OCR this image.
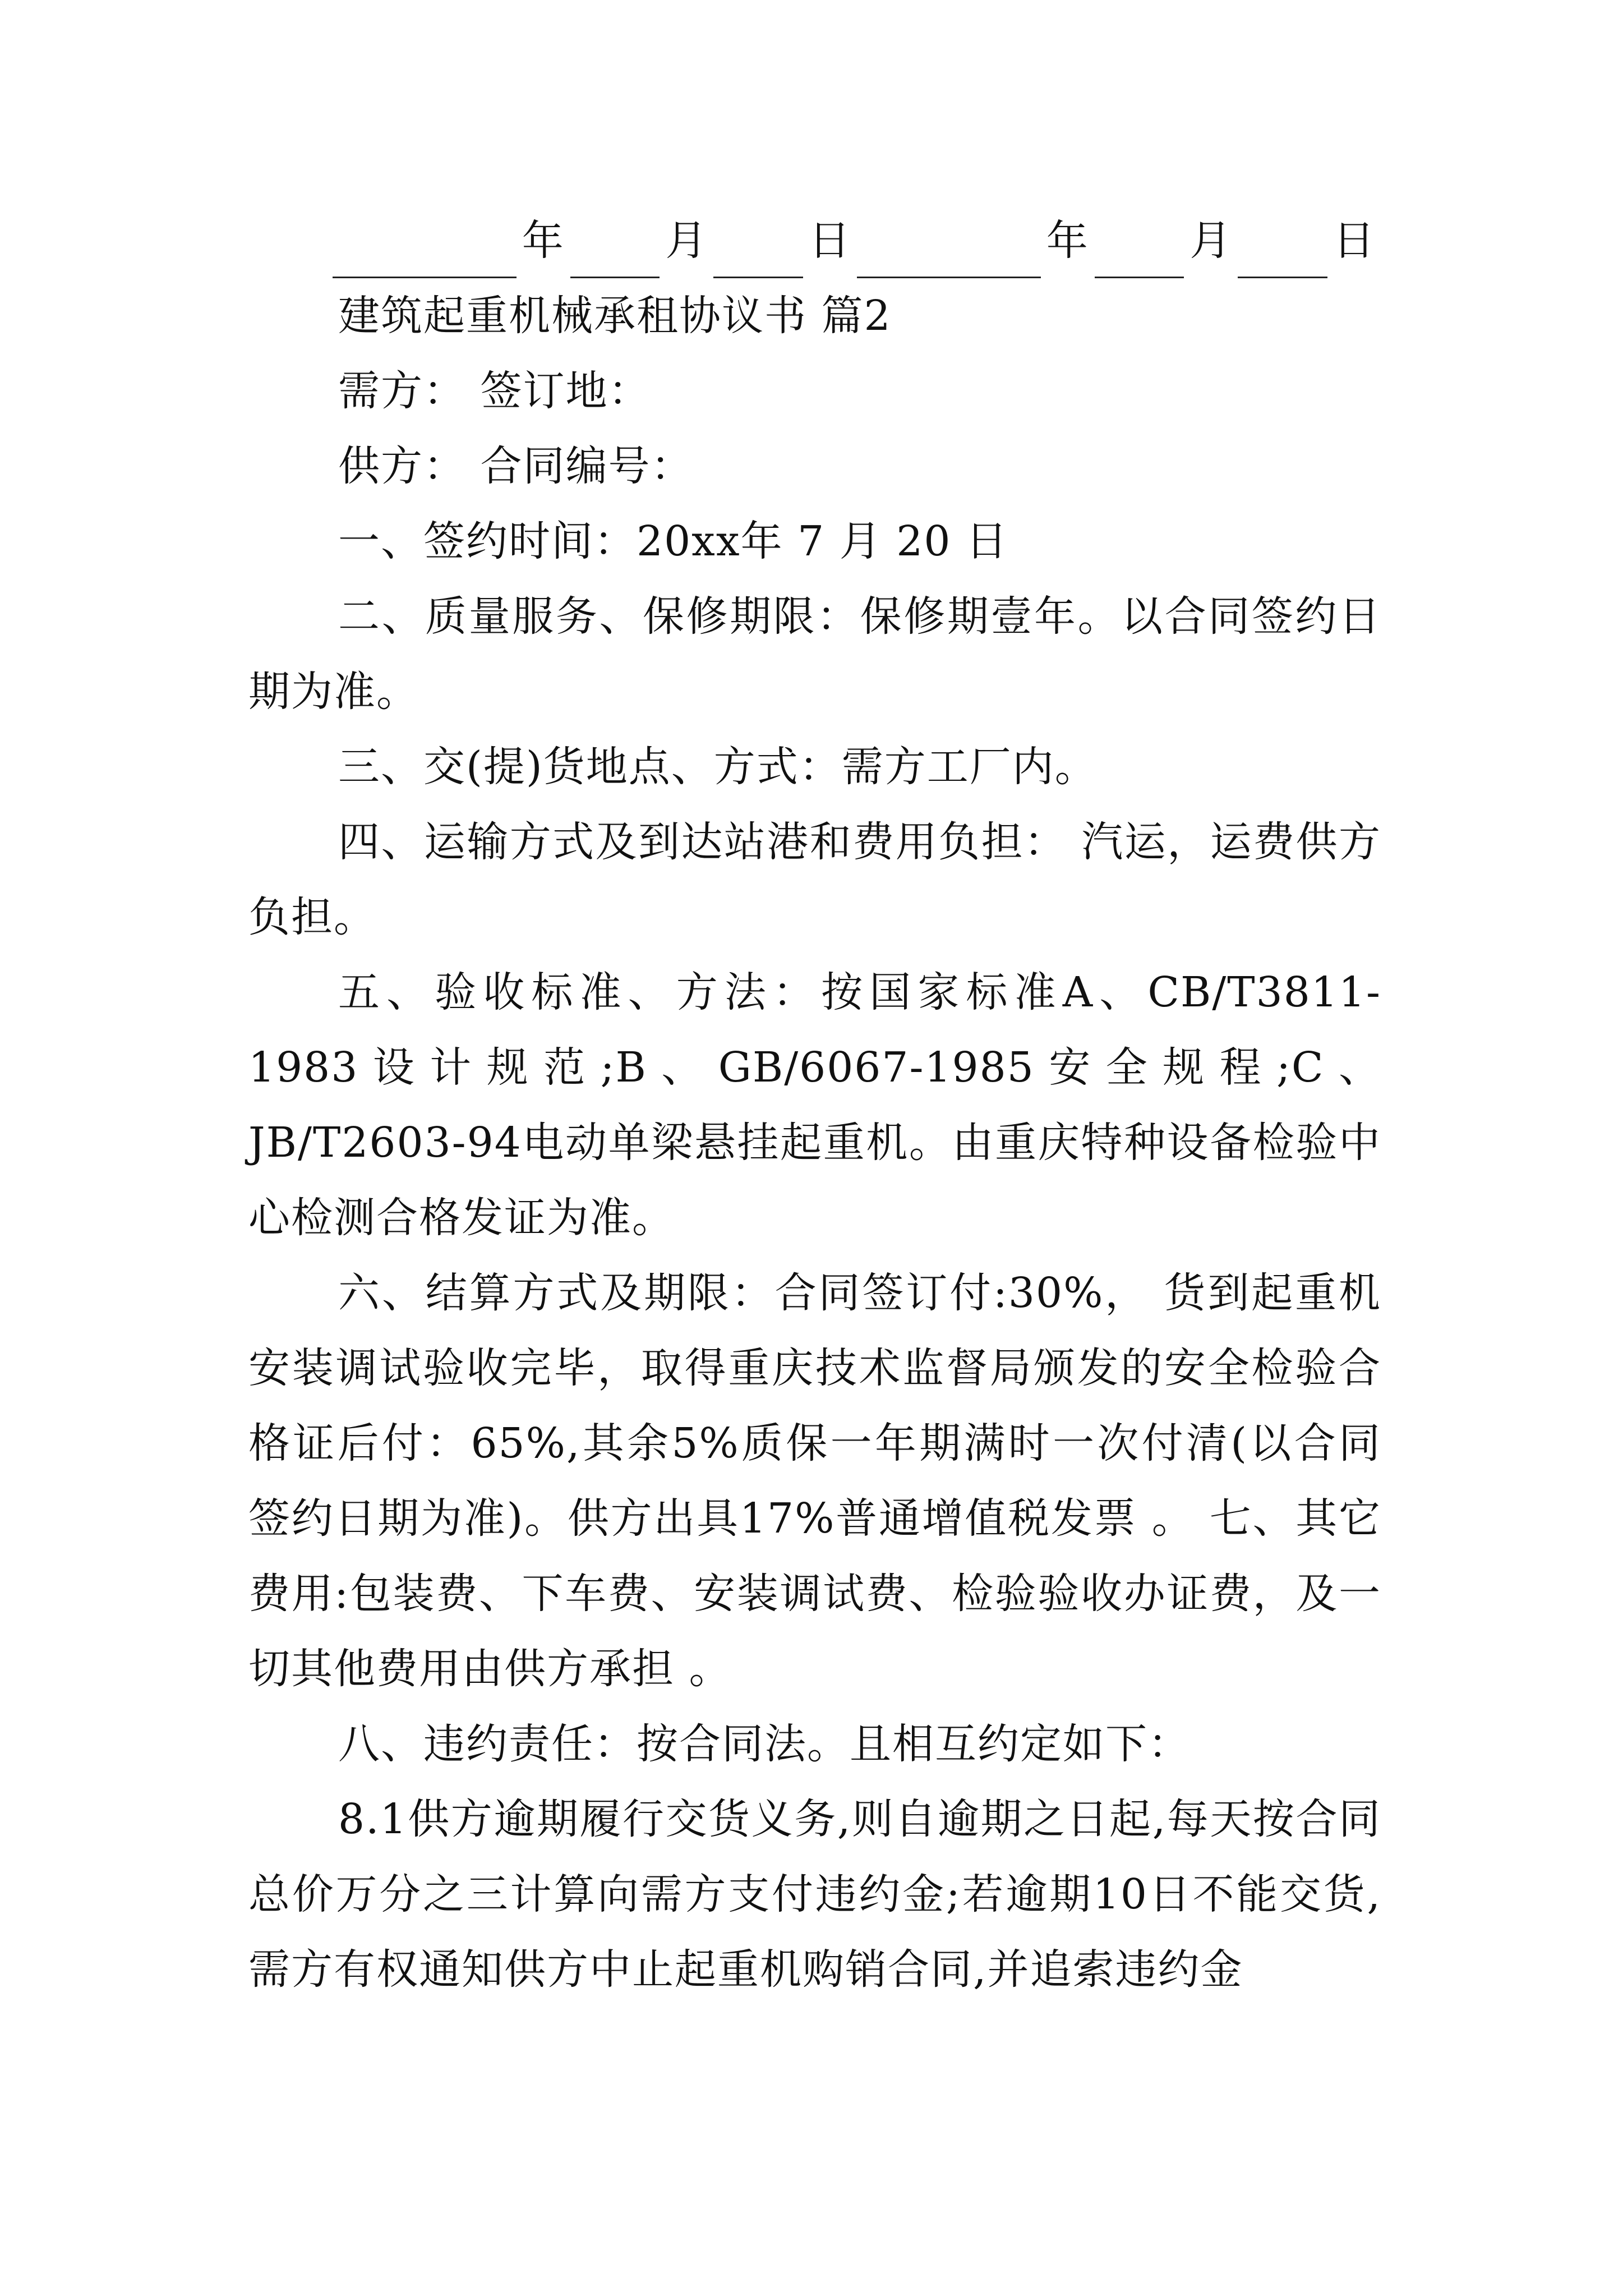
年 月 日	年 月 日
建筑起重机械承租协议书 篇2
需方： 签订地：
供方： 合同编号：

一、签约时间：20xx年 7 月 20 日

二、质量服务、保修期限：保修期壹年。以合同签约日期为准。

三、交(提)货地点、方式：需方工厂内。

四、运输方式及到达站港和费用负担： 汽运，运费供方负担。

五、验收标准、方法：按国家标准A、CB/T3811-1983设计规范;B、GB/6067-1985安全规程;C、JB/T2603-94电动单梁悬挂起重机。由重庆特种设备检验中心检测合格发证为准。

六、结算方式及期限：合同签订付:30%， 货到起重机安装调试验收完毕，取得重庆技术监督局颁发的安全检验合格证后付：65%,其余5%质保一年期满时一次付清(以合同签约日期为准)。供方出具17%普通增值税发票 。 七、其它费用:包装费、下车费、安装调试费、检验验收办证费，及一切其他费用由供方承担 。

八、违约责任：按合同法。且相互约定如下：

8.1供方逾期履行交货义务,则自逾期之日起,每天按合同总价万分之三计算向需方支付违约金;若逾期10日不能交货,需方有权通知供方中止起重机购销合同,并追索违约金
